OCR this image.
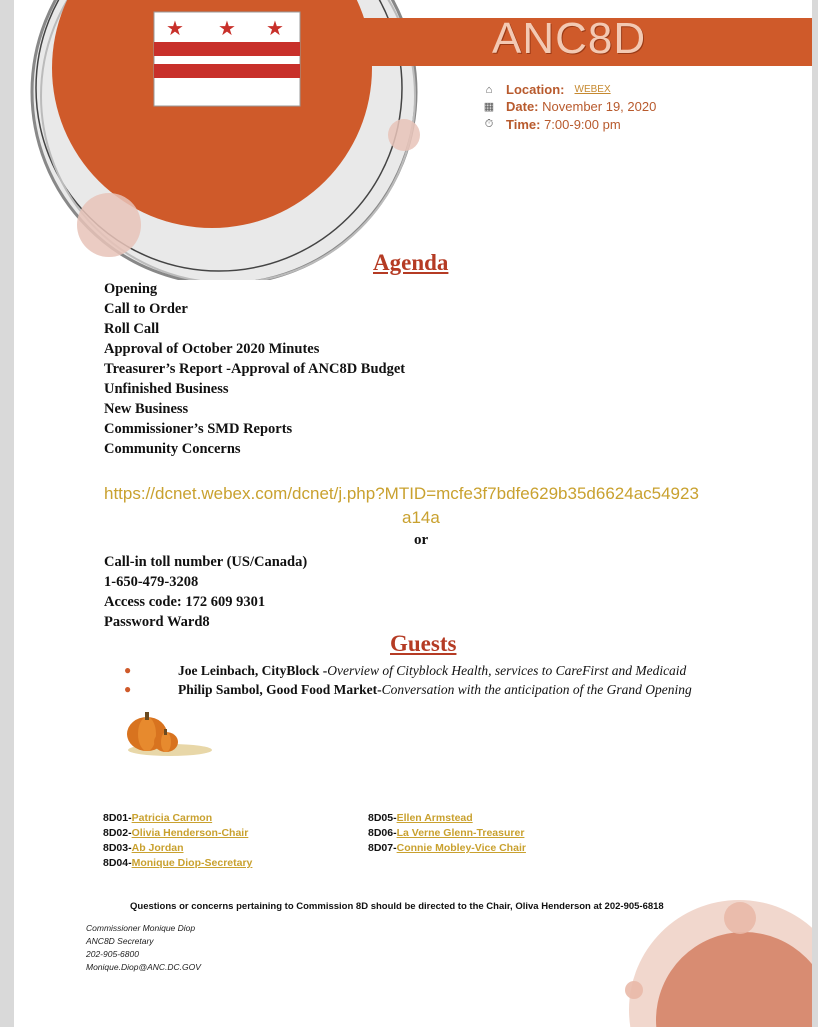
★ ★ ★	ANC8D
⌂ Location: WEBEX
▦ Date: November 19, 2020
⏱ Time: 7:00-9:00 pm
Agenda
Opening
Call to Order
Roll Call
Approval of October 2020 Minutes
Treasurer’s Report -Approval of ANC8D Budget
Unfinished Business
New Business
Commissioner’s SMD Reports
Community Concerns
https://dcnet.webex.com/dcnet/j.php?MTID=mcfe3f7bdfe629b35d6624ac54923
a14a
or
Call-in toll number (US/Canada)
1-650-479-3208
Access code: 172 609 9301
Password Ward8
Guests
●	Joe Leinbach, CityBlock - Overview of Cityblock Health, services to CareFirst and Medicaid
●	Philip Sambol, Good Food Market- Conversation with the anticipation of the Grand Opening
8D01-Patricia Carmon
8D02-Olivia Henderson-Chair
8D03-Ab Jordan
8D04-Monique Diop-Secretary
8D05-Ellen Armstead
8D06-La Verne Glenn-Treasurer
8D07-Connie Mobley-Vice Chair
Questions or concerns pertaining to Commission 8D should be directed to the Chair, Oliva Henderson at 202-905-6818
Commissioner Monique Diop
ANC8D Secretary
202-905-6800
Monique.Diop@ANC.DC.GOV
